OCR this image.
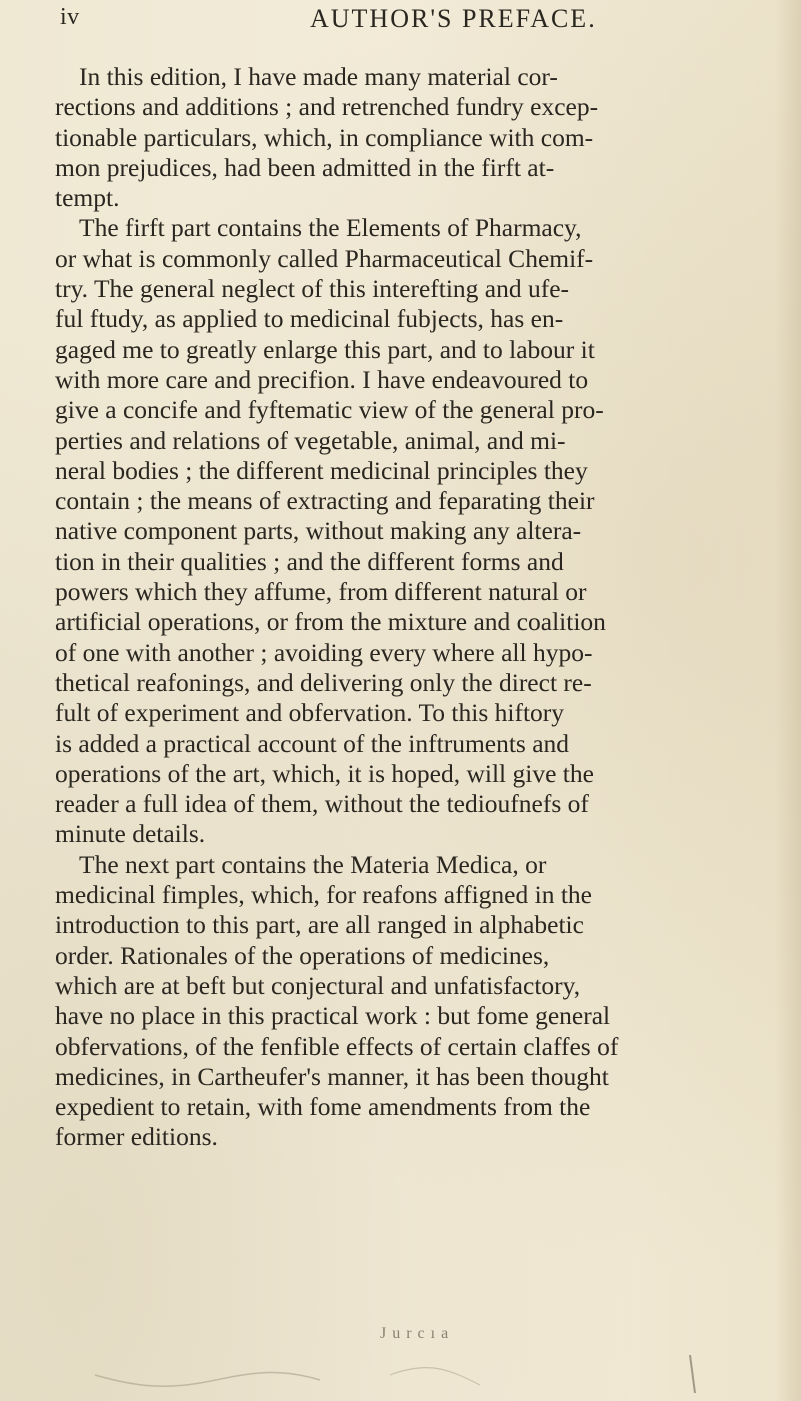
iv	AUTHOR'S PREFACE.

In this edition, I have made many material cor-
rections and additions ; and retrenched fundry excep-
tionable particulars, which, in compliance with com-
mon prejudices, had been admitted in the firft at-
tempt.

The firft part contains the Elements of Pharmacy,
or what is commonly called Pharmaceutical Chemif-
try. The general neglect of this interefting and ufe-
ful ftudy, as applied to medicinal fubjects, has en-
gaged me to greatly enlarge this part, and to labour it
with more care and precifion. I have endeavoured to
give a concife and fyftematic view of the general pro-
perties and relations of vegetable, animal, and mi-
neral bodies ; the different medicinal principles they
contain ; the means of extracting and feparating their
native component parts, without making any altera-
tion in their qualities ; and the different forms and
powers which they affume, from different natural or
artificial operations, or from the mixture and coalition
of one with another ; avoiding every where all hypo-
thetical reafonings, and delivering only the direct re-
fult of experiment and obfervation. To this hiftory
is added a practical account of the inftruments and
operations of the art, which, it is hoped, will give the
reader a full idea of them, without the tedioufnefs of
minute details.

The next part contains the Materia Medica, or
medicinal fimples, which, for reafons affigned in the
introduction to this part, are all ranged in alphabetic
order. Rationales of the operations of medicines,
which are at beft but conjectural and unfatisfactory,
have no place in this practical work : but fome general
obfervations, of the fenfible effects of certain claffes of
medicines, in Cartheufer's manner, it has been thought
expedient to retain, with fome amendments from the
former editions.

J u r c ı a
